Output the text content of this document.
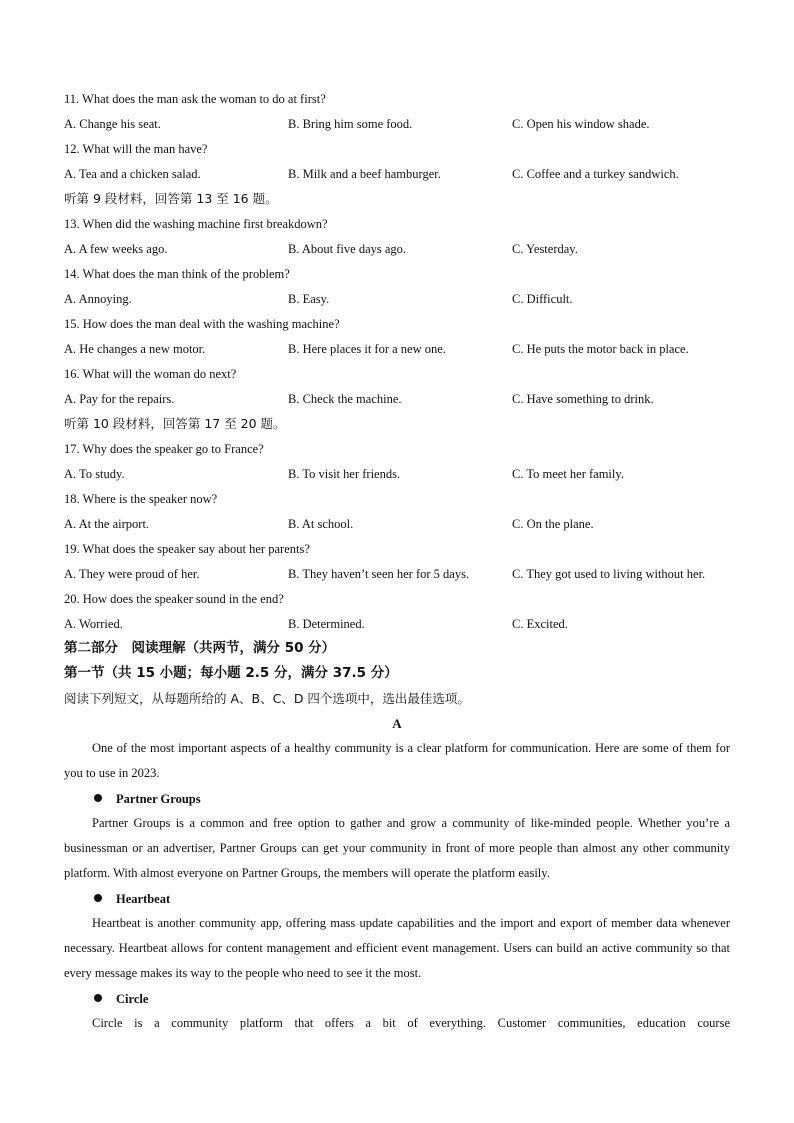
11. What does the man ask the woman to do at first?
A. Change his seat.	B. Bring him some food.	C. Open his window shade.
12. What will the man have?
A. Tea and a chicken salad.	B. Milk and a beef hamburger.	C. Coffee and a turkey sandwich.
听第 9 段材料，回答第 13 至 16 题。
13. When did the washing machine first breakdown?
A. A few weeks ago.	B. About five days ago.	C. Yesterday.
14. What does the man think of the problem?
A. Annoying.	B. Easy.	C. Difficult.
15. How does the man deal with the washing machine?
A. He changes a new motor.	B. Here places it for a new one.	C. He puts the motor back in place.
16. What will the woman do next?
A. Pay for the repairs.	B. Check the machine.	C. Have something to drink.
听第 10 段材料，回答第 17 至 20 题。
17. Why does the speaker go to France?
A. To study.	B. To visit her friends.	C. To meet her family.
18. Where is the speaker now?
A. At the airport.	B. At school.	C. On the plane.
19. What does the speaker say about her parents?
A. They were proud of her.	B. They haven’t seen her for 5 days.	C. They got used to living without her.
20. How does the speaker sound in the end?
A. Worried.	B. Determined.	C. Excited.
第二部分　阅读理解（共两节，满分 50 分）
第一节（共 15 小题；每小题 2.5 分，满分 37.5 分）
阅读下列短文，从每题所给的 A、B、C、D 四个选项中，选出最佳选项。
A

One of the most important aspects of a healthy community is a clear platform for communication. Here are some of them for you to use in 2023.

Partner Groups

Partner Groups is a common and free option to gather and grow a community of like-minded people. Whether you’re a businessman or an advertiser, Partner Groups can get your community in front of more people than almost any other community platform. With almost everyone on Partner Groups, the members will operate the platform easily.

Heartbeat

Heartbeat is another community app, offering mass update capabilities and the import and export of member data whenever necessary. Heartbeat allows for content management and efficient event management. Users can build an active community so that every message makes its way to the people who need to see it the most.

Circle

Circle is a community platform that offers a bit of everything. Customer communities, education course
